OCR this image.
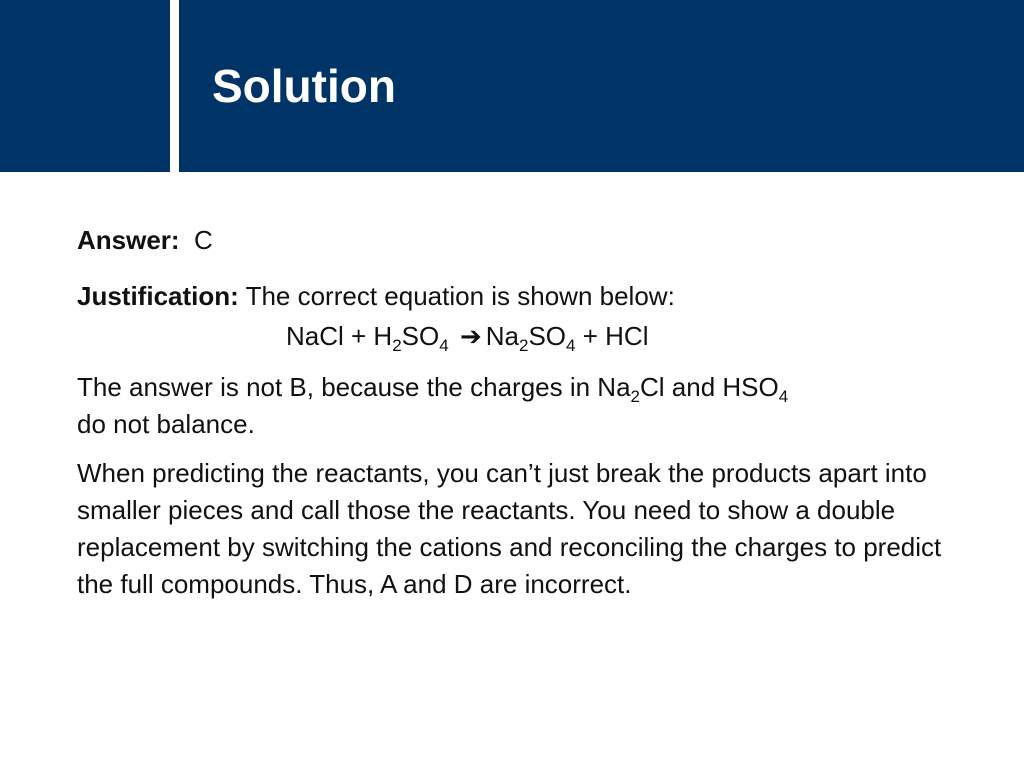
Solution

Answer: C

Justification: The correct equation is shown below:

NaCl + $H_2SO_4$ ➔ $Na_2SO_4$ + HCl

The answer is not B, because the charges in $Na_2Cl$ and $HSO_4$
do not balance.

When predicting the reactants, you can’t just break the products apart into smaller pieces and call those the reactants. You need to show a double replacement by switching the cations and reconciling the charges to predict the full compounds. Thus, A and D are incorrect.
